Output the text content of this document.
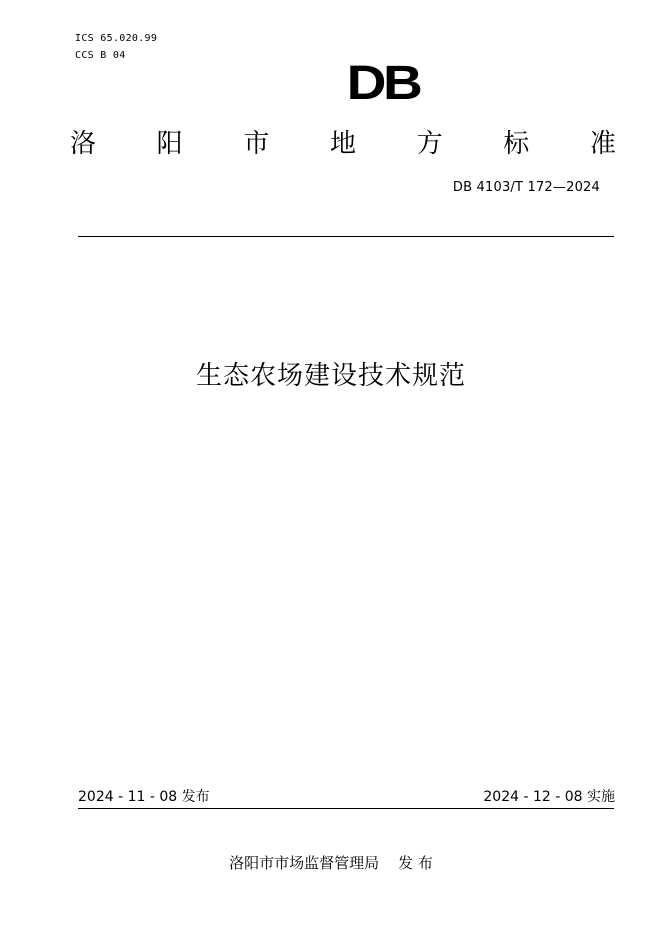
ICS 65.020.99
CCS B 04
DB
洛 阳 市 地 方 标 准
DB 4103/T 172—2024
生态农场建设技术规范
2024 - 11 - 08 发布	2024 - 12 - 08 实施
洛阳市市场监督管理局    发 布
